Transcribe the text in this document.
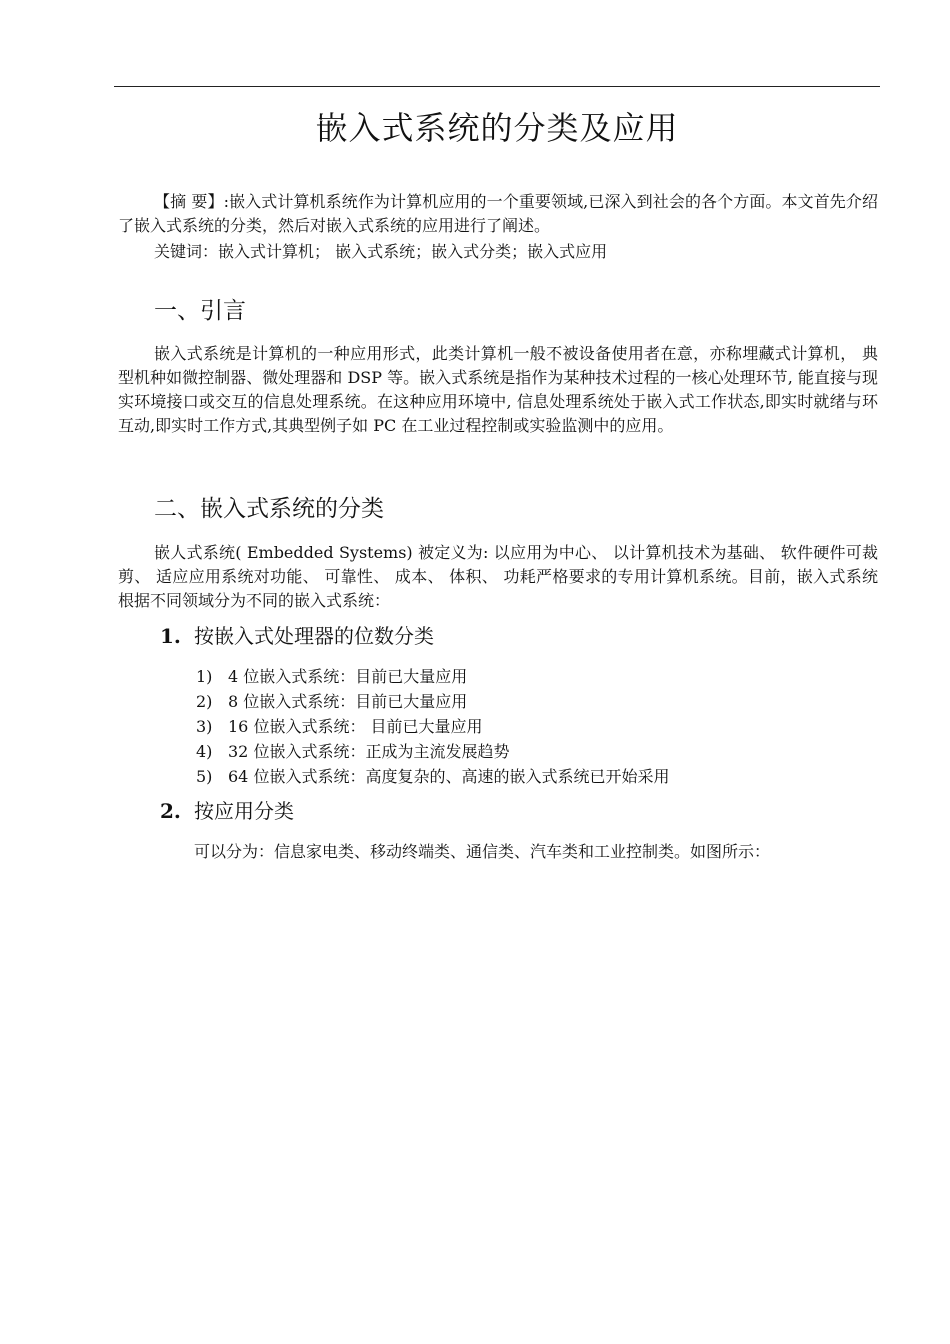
嵌入式系统的分类及应用

【摘 要】:嵌入式计算机系统作为计算机应用的一个重要领域,已深入到社会的各个方面。本文首先介绍了嵌入式系统的分类，然后对嵌入式系统的应用进行了阐述。

关键词：嵌入式计算机； 嵌入式系统；嵌入式分类；嵌入式应用
一、引言

嵌入式系统是计算机的一种应用形式，此类计算机一般不被设备使用者在意，亦称埋藏式计算机， 典型机种如微控制器、微处理器和 DSP 等。嵌入式系统是指作为某种技术过程的一核心处理环节, 能直接与现实环境接口或交互的信息处理系统。在这种应用环境中, 信息处理系统处于嵌入式工作状态,即实时就绪与环互动,即实时工作方式,其典型例子如 PC 在工业过程控制或实验监测中的应用。

二、嵌入式系统的分类

嵌人式系统( Embedded Systems) 被定义为: 以应用为中心、 以计算机技术为基础、 软件硬件可裁剪、 适应应用系统对功能、 可靠性、 成本、 体积、 功耗严格要求的专用计算机系统。目前，嵌入式系统根据不同领域分为不同的嵌入式系统：

1. 按嵌入式处理器的位数分类
1) 4 位嵌入式系统：目前已大量应用
2) 8 位嵌入式系统：目前已大量应用
3) 16 位嵌入式系统： 目前已大量应用
4) 32 位嵌入式系统：正成为主流发展趋势
5) 64 位嵌入式系统：高度复杂的、高速的嵌入式系统已开始采用
2. 按应用分类
可以分为：信息家电类、移动终端类、通信类、汽车类和工业控制类。如图所示：
